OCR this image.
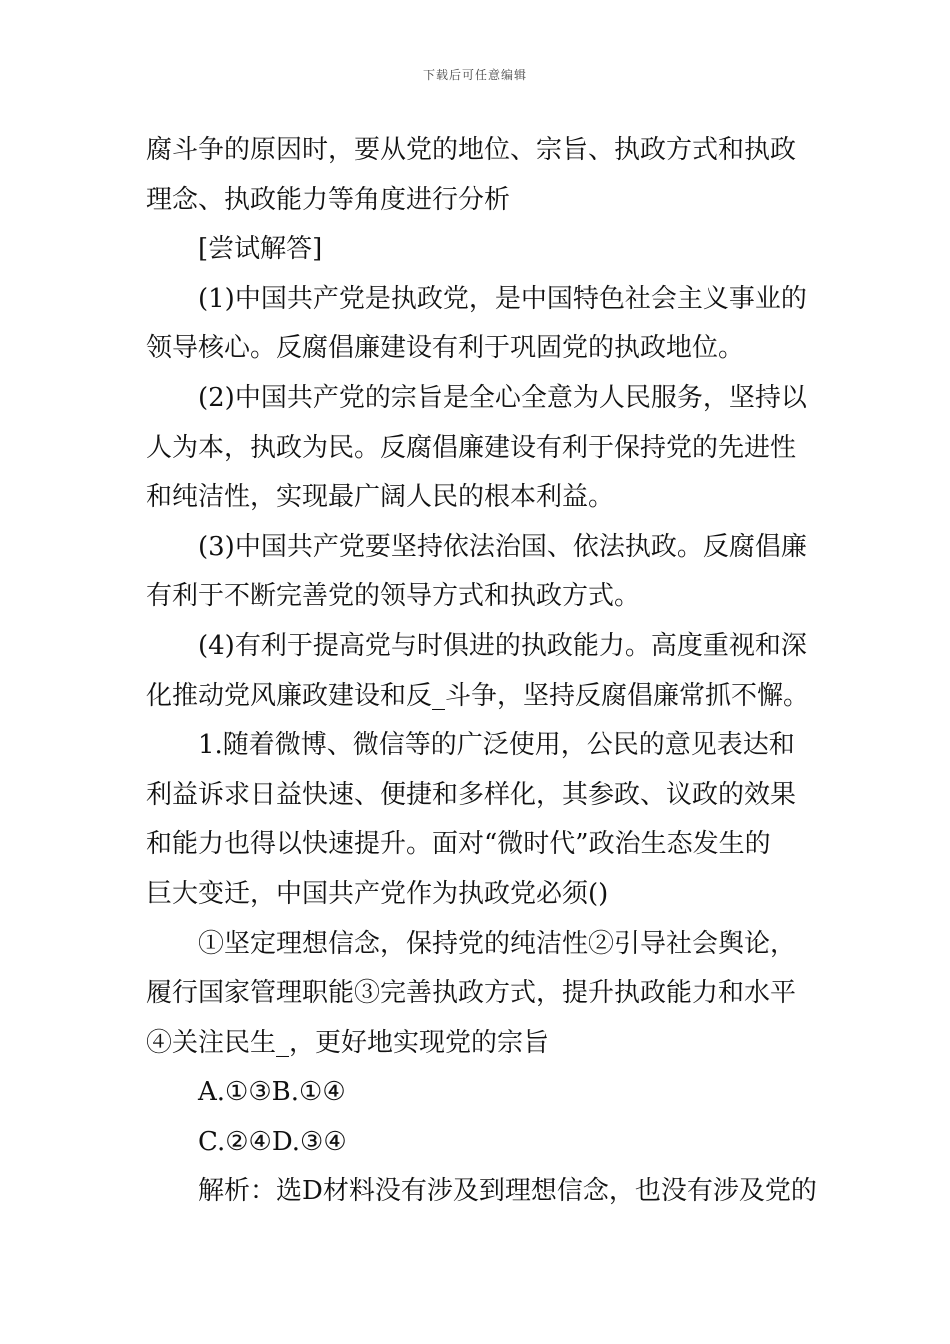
下载后可任意编辑
腐斗争的原因时，要从党的地位、宗旨、执政方式和执政
理念、执政能力等角度进行分析
[尝试解答]
(1)中国共产党是执政党，是中国特色社会主义事业的
领导核心。反腐倡廉建设有利于巩固党的执政地位。
(2)中国共产党的宗旨是全心全意为人民服务，坚持以
人为本，执政为民。反腐倡廉建设有利于保持党的先进性
和纯洁性，实现最广阔人民的根本利益。
(3)中国共产党要坚持依法治国、依法执政。反腐倡廉
有利于不断完善党的领导方式和执政方式。
(4)有利于提高党与时俱进的执政能力。高度重视和深
化推动党风廉政建设和反_斗争，坚持反腐倡廉常抓不懈。
1.随着微博、微信等的广泛使用，公民的意见表达和
利益诉求日益快速、便捷和多样化，其参政、议政的效果
和能力也得以快速提升。面对“微时代”政治生态发生的
巨大变迁，中国共产党作为执政党必须()
①坚定理想信念，保持党的纯洁性②引导社会舆论，
履行国家管理职能③完善执政方式，提升执政能力和水平
④关注民生_，更好地实现党的宗旨
A.①③B.①④
C.②④D.③④
解析：选D材料没有涉及到理想信念，也没有涉及党的
